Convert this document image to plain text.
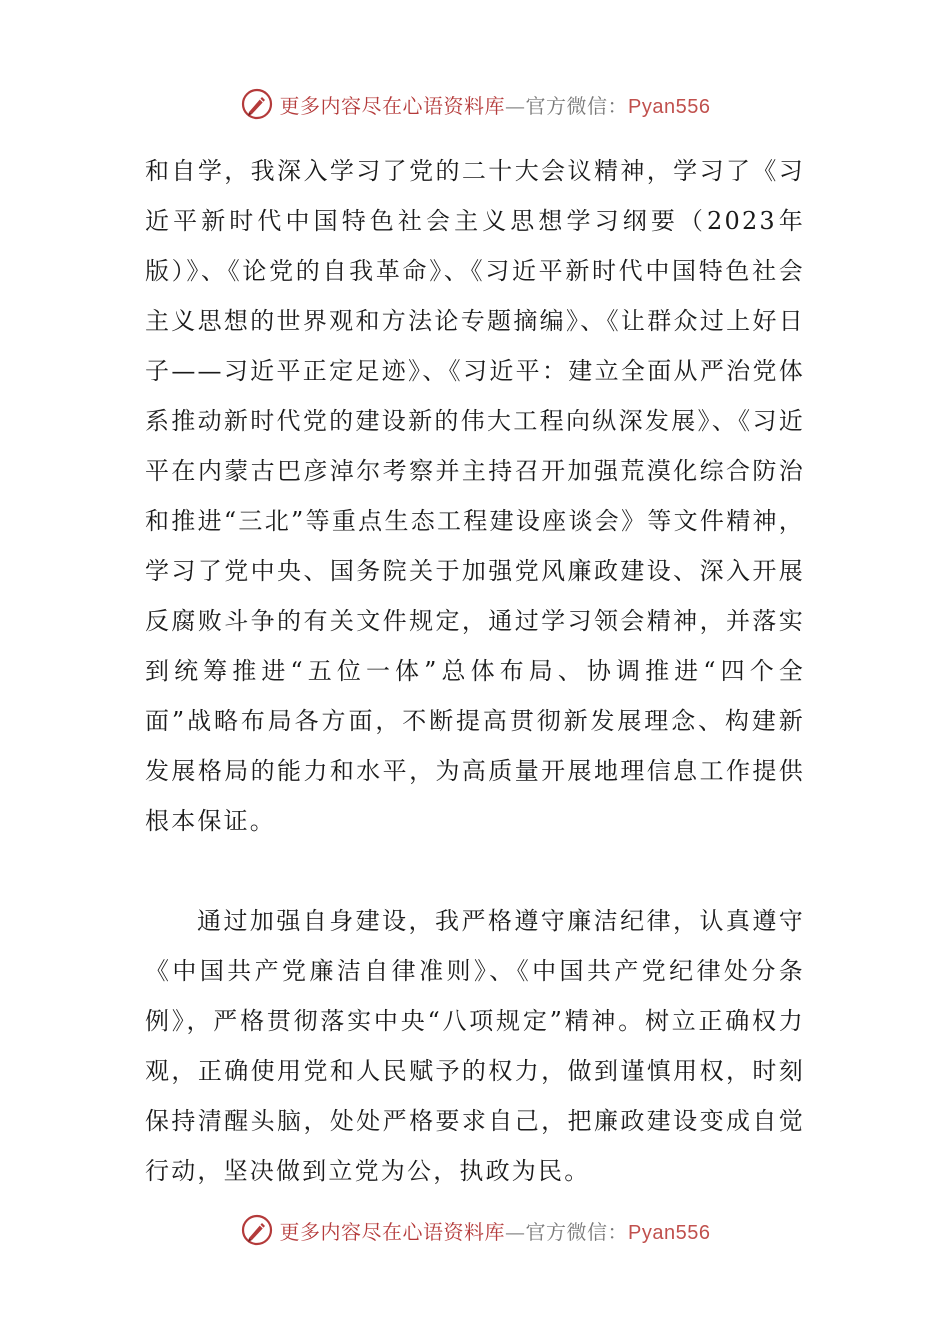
更多内容尽在心语资料库—官方微信：Pyan556

和自学，我深入学习了党的二十大会议精神，学习了《习近平新时代中国特色社会主义思想学习纲要（2023年版）》、《论党的自我革命》、《习近平新时代中国特色社会主义思想的世界观和方法论专题摘编》、《让群众过上好日子——习近平正定足迹》、《习近平：建立全面从严治党体系推动新时代党的建设新的伟大工程向纵深发展》、《习近平在内蒙古巴彦淖尔考察并主持召开加强荒漠化综合防治和推进“三北”等重点生态工程建设座谈会》等文件精神，学习了党中央、国务院关于加强党风廉政建设、深入开展反腐败斗争的有关文件规定，通过学习领会精神，并落实到统筹推进“五位一体”总体布局、协调推进“四个全面”战略布局各方面，不断提高贯彻新发展理念、构建新发展格局的能力和水平，为高质量开展地理信息工作提供根本保证。

通过加强自身建设，我严格遵守廉洁纪律，认真遵守《中国共产党廉洁自律准则》、《中国共产党纪律处分条例》，严格贯彻落实中央“八项规定”精神。树立正确权力观，正确使用党和人民赋予的权力，做到谨慎用权，时刻保持清醒头脑，处处严格要求自己，把廉政建设变成自觉行动，坚决做到立党为公，执政为民。

更多内容尽在心语资料库—官方微信：Pyan556
